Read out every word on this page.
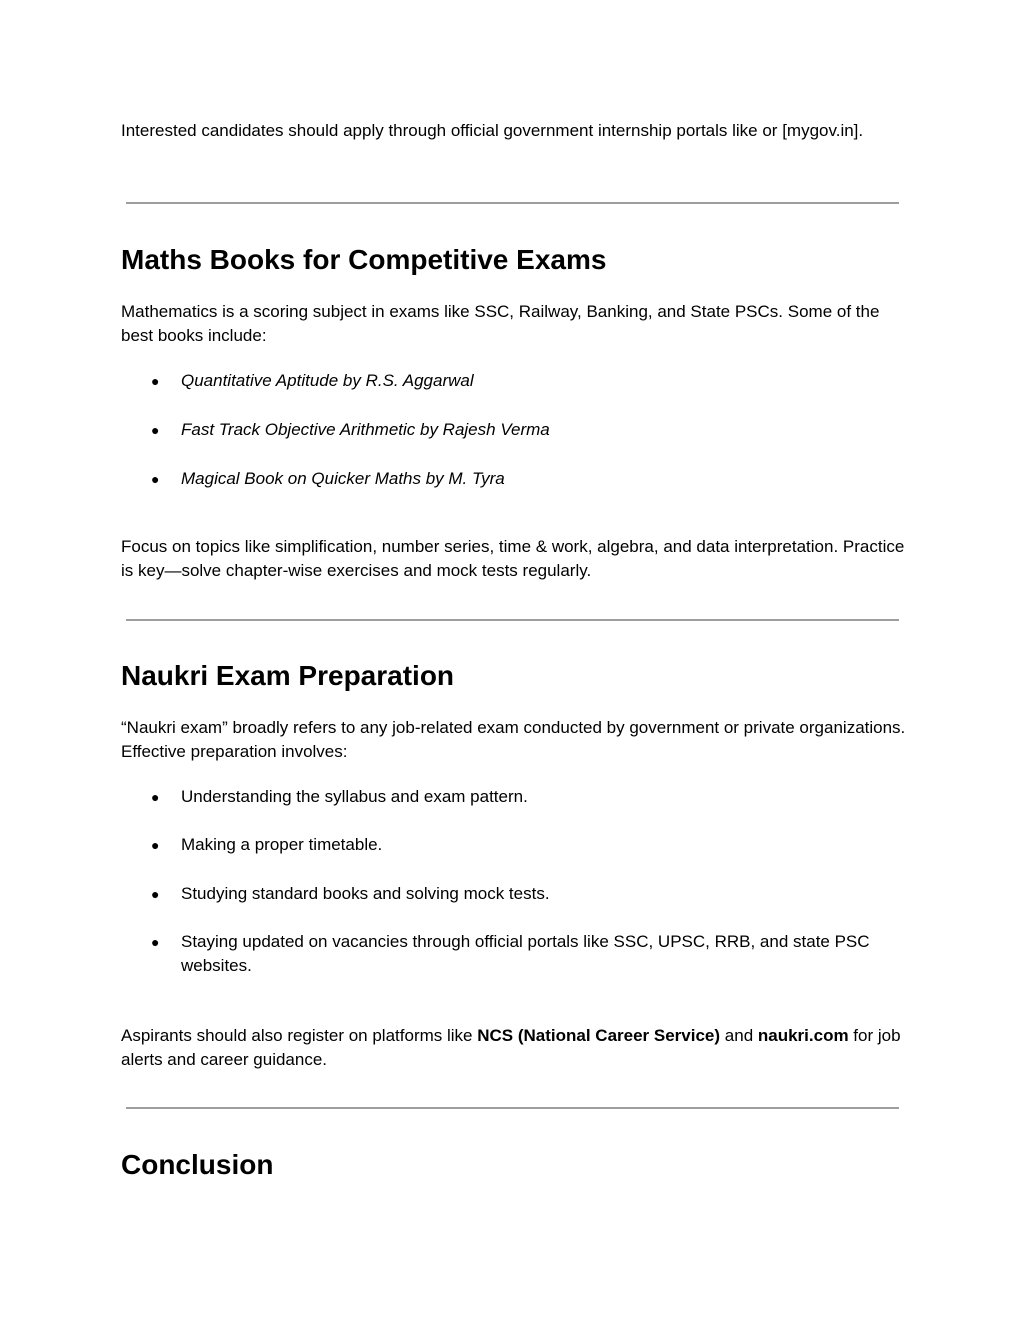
Interested candidates should apply through official government internship portals like or [mygov.in].

Maths Books for Competitive Exams

Mathematics is a scoring subject in exams like SSC, Railway, Banking, and State PSCs. Some of the best books include:

● Quantitative Aptitude by R.S. Aggarwal
● Fast Track Objective Arithmetic by Rajesh Verma
● Magical Book on Quicker Maths by M. Tyra

Focus on topics like simplification, number series, time & work, algebra, and data interpretation. Practice is key—solve chapter-wise exercises and mock tests regularly.

Naukri Exam Preparation

“Naukri exam” broadly refers to any job-related exam conducted by government or private organizations. Effective preparation involves:

● Understanding the syllabus and exam pattern.
● Making a proper timetable.
● Studying standard books and solving mock tests.
● Staying updated on vacancies through official portals like SSC, UPSC, RRB, and state PSC websites.

Aspirants should also register on platforms like NCS (National Career Service) and naukri.com for job alerts and career guidance.

Conclusion
